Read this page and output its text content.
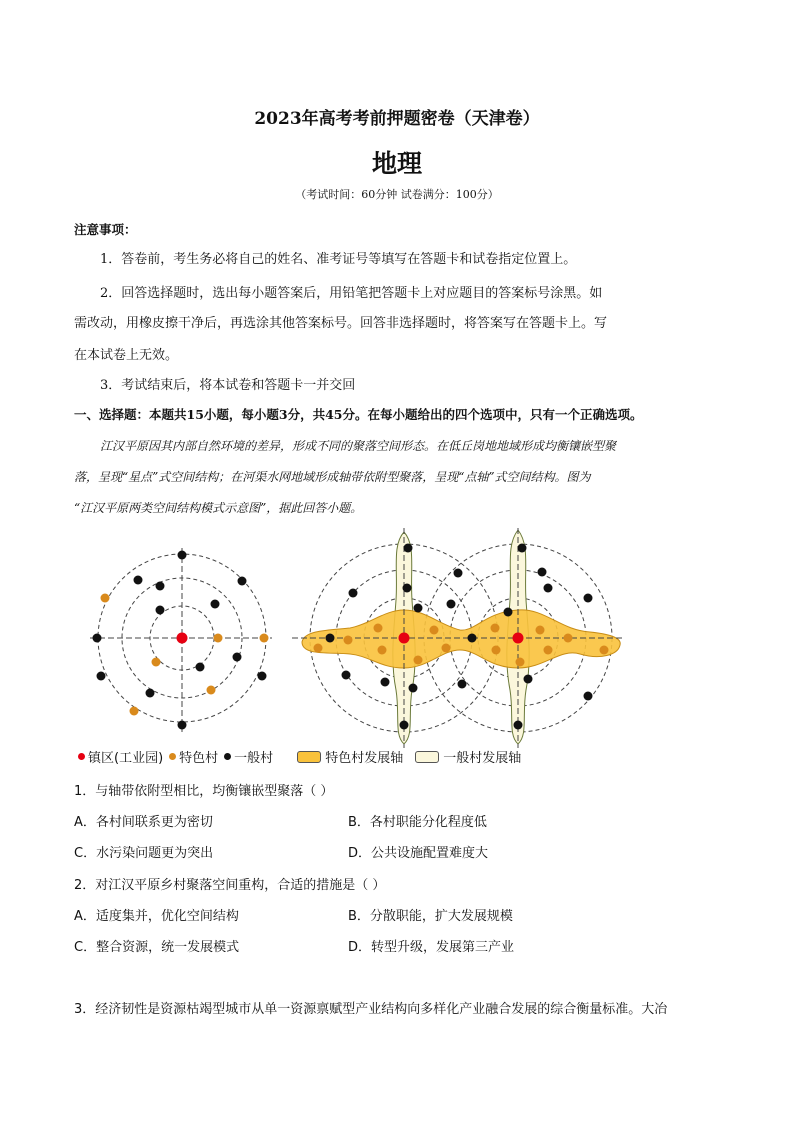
2023年高考考前押题密卷（天津卷）
地理
（考试时间：60分钟 试卷满分：100分）
注意事项：
1．答卷前，考生务必将自己的姓名、准考证号等填写在答题卡和试卷指定位置上。
2．回答选择题时，选出每小题答案后，用铅笔把答题卡上对应题目的答案标号涂黑。如
需改动，用橡皮擦干净后，再选涂其他答案标号。回答非选择题时，将答案写在答题卡上。写
在本试卷上无效。
3．考试结束后，将本试卷和答题卡一并交回
一、选择题：本题共15小题，每小题3分，共45分。在每小题给出的四个选项中，只有一个正确选项。
江汉平原因其内部自然环境的差异，形成不同的聚落空间形态。在低丘岗地地域形成均衡镶嵌型聚
落，呈现“星点”式空间结构；在河渠水网地域形成轴带依附型聚落，呈现“点轴”式空间结构。图为
“江汉平原两类空间结构模式示意图”，据此回答小题。
镇区(工业园) 特色村 一般村	特色村发展轴	一般村发展轴
1．与轴带依附型相比，均衡镶嵌型聚落（ ）
A．各村间联系更为密切	B．各村职能分化程度低
C．水污染问题更为突出	D．公共设施配置难度大
2．对江汉平原乡村聚落空间重构，合适的措施是（ ）
A．适度集并，优化空间结构	B．分散职能，扩大发展规模
C．整合资源，统一发展模式	D．转型升级，发展第三产业
3．经济韧性是资源枯竭型城市从单一资源禀赋型产业结构向多样化产业融合发展的综合衡量标准。大冶
